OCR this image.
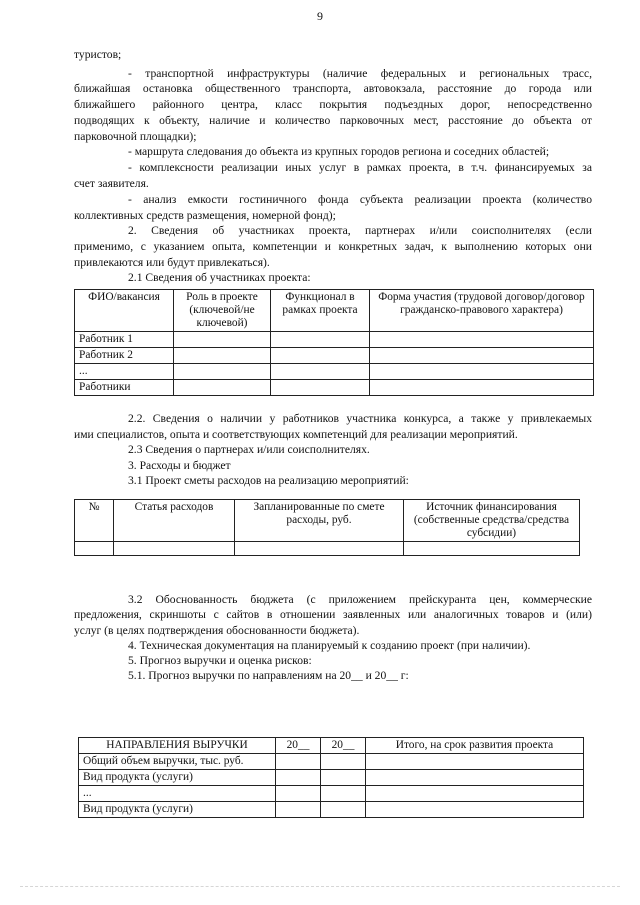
9
туристов;
- транспортной инфраструктуры (наличие федеральных и региональных трасс,
ближайшая остановка общественного транспорта, автовокзала, расстояние до города или
ближайшего районного центра, класс покрытия подъездных дорог, непосредственно
подводящих к объекту, наличие и количество парковочных мест, расстояние до объекта от
парковочной площадки);
- маршрута следования до объекта из крупных городов региона и соседних областей;
- комплексности реализации иных услуг в рамках проекта, в т.ч. финансируемых за
счет заявителя.
- анализ емкости гостиничного фонда субъекта реализации проекта (количество
коллективных средств размещения, номерной фонд);
2. Сведения об участниках проекта, партнерах и/или соисполнителях (если
применимо, с указанием опыта, компетенции и конкретных задач, к выполнению которых они
привлекаются или будут привлекаться).
2.1 Сведения об участниках проекта:
ФИО/вакансия	Роль в проекте (ключевой/не ключевой)	Функционал в рамках проекта	Форма участия (трудовой договор/договор гражданско-правового характера)
Работник 1			
Работник 2			
...			
Работники			
2.2. Сведения о наличии у работников участника конкурса, а также у привлекаемых
ими специалистов, опыта и соответствующих компетенций для реализации мероприятий.
2.3 Сведения о партнерах и/или соисполнителях.
3. Расходы и бюджет
3.1 Проект сметы расходов на реализацию мероприятий:
№	Статья расходов	Запланированные по смете расходы, руб.	Источник финансирования (собственные средства/средства субсидии)

3.2 Обоснованность бюджета (с приложением прейскуранта цен, коммерческие
предложения, скриншоты с сайтов в отношении заявленных или аналогичных товаров и (или)
услуг (в целях подтверждения обоснованности бюджета).
4. Техническая документация на планируемый к созданию проект (при наличии).
5. Прогноз выручки и оценка рисков:
5.1. Прогноз выручки по направлениям на 20__ и 20__ г:
НАПРАВЛЕНИЯ ВЫРУЧКИ	20__	20__	Итого, на срок развития проекта
Общий объем выручки, тыс. руб.			
Вид продукта (услуги)			
...			
Вид продукта (услуги)			
